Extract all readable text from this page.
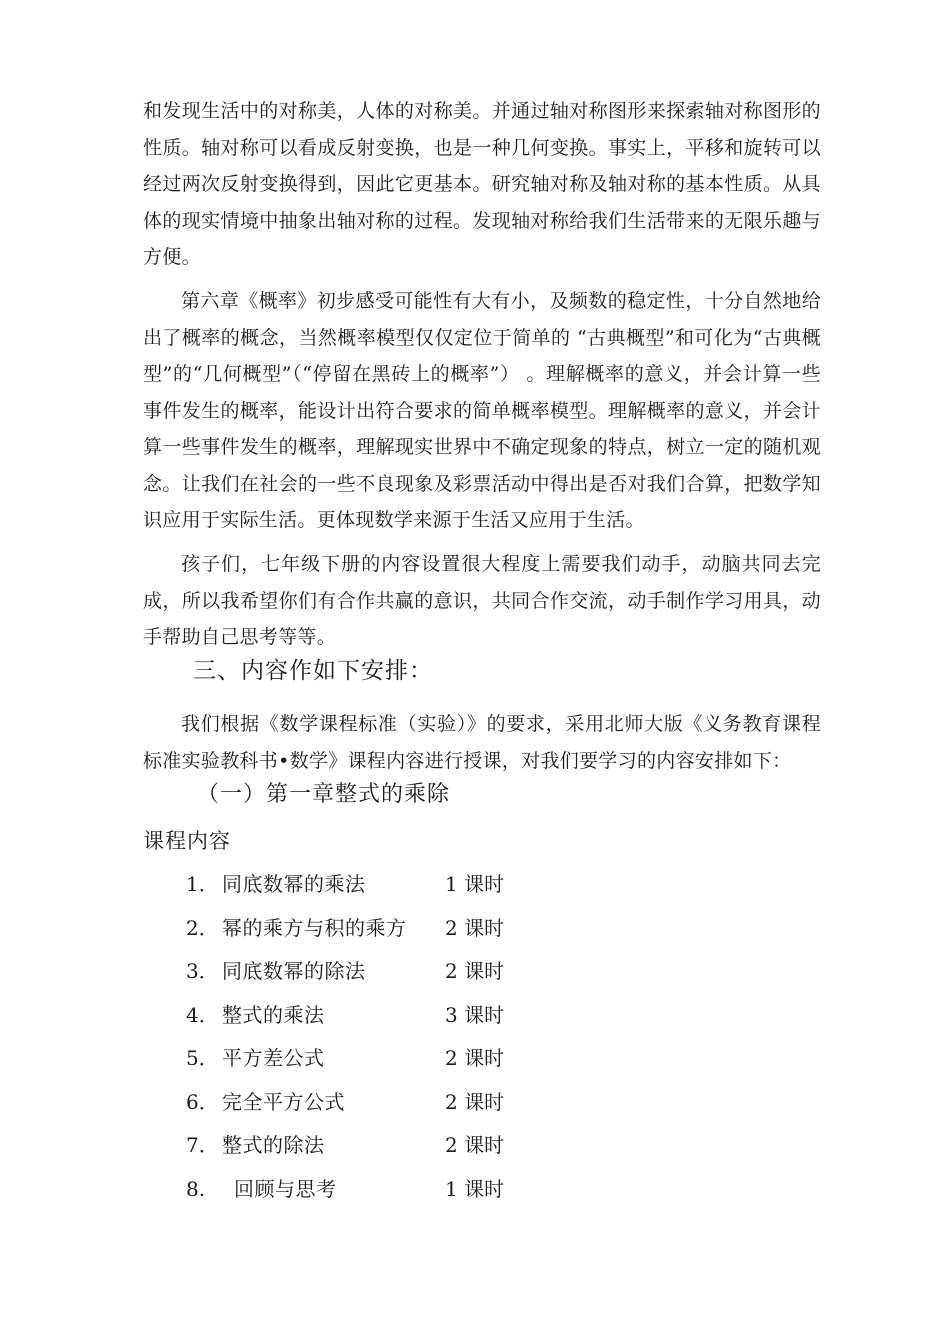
和发现生活中的对称美，人体的对称美。并通过轴对称图形来探索轴对称图形的性质。轴对称可以看成反射变换，也是一种几何变换。事实上，平移和旋转可以经过两次反射变换得到，因此它更基本。研究轴对称及轴对称的基本性质。从具体的现实情境中抽象出轴对称的过程。发现轴对称给我们生活带来的无限乐趣与方便。

第六章《概率》初步感受可能性有大有小，及频数的稳定性，十分自然地给出了概率的概念，当然概率模型仅仅定位于简单的 “古典概型”和可化为“古典概型”的“几何概型”（“停留在黑砖上的概率”） 。理解概率的意义，并会计算一些事件发生的概率，能设计出符合要求的简单概率模型。理解概率的意义，并会计算一些事件发生的概率，理解现实世界中不确定现象的特点，树立一定的随机观念。让我们在社会的一些不良现象及彩票活动中得出是否对我们合算，把数学知识应用于实际生活。更体现数学来源于生活又应用于生活。

孩子们，七年级下册的内容设置很大程度上需要我们动手，动脑共同去完成，所以我希望你们有合作共赢的意识，共同合作交流，动手制作学习用具，动手帮助自己思考等等。

三、内容作如下安排：

我们根据《数学课程标准（实验）》的要求，采用北师大版《义务教育课程标准实验教科书•数学》课程内容进行授课，对我们要学习的内容安排如下：

（一）第一章整式的乘除
课程内容
1． 同底数幂的乘法	1 课时
2． 幂的乘方与积的乘方 2 课时
3． 同底数幂的除法	2 课时
4． 整式的乘法	3 课时
5． 平方差公式	2 课时
6． 完全平方公式	2 课时
7． 整式的除法	2 课时
8. 回顾与思考	1 课时
